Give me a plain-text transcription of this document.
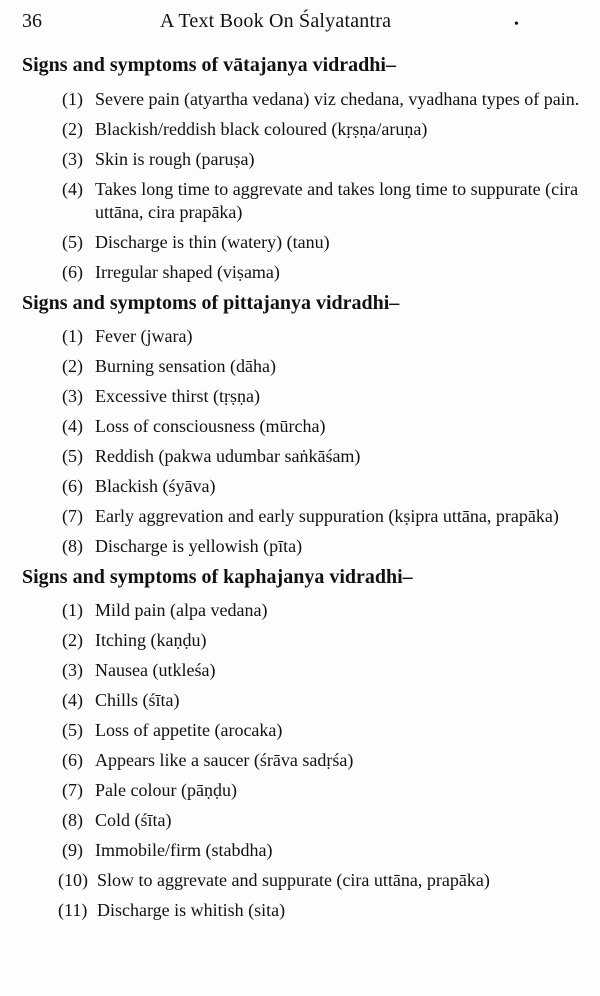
36	A Text Book On Śalyatantra	•
Signs and symptoms of vātajanya vidradhi–
(1) Severe pain (atyartha vedana) viz chedana, vyadhana types of pain.
(2) Blackish/reddish black coloured (kṛṣṇa/aruṇa)
(3) Skin is rough (paruṣa)
(4) Takes long time to aggrevate and takes long time to suppurate (cira uttāna, cira prapāka)
(5) Discharge is thin (watery) (tanu)
(6) Irregular shaped (viṣama)
Signs and symptoms of pittajanya vidradhi–
(1) Fever (jwara)
(2) Burning sensation (dāha)
(3) Excessive thirst (tṛṣṇa)
(4) Loss of consciousness (mūrcha)
(5) Reddish (pakwa udumbar saṅkāśam)
(6) Blackish (śyāva)
(7) Early aggrevation and early suppuration (kṣipra uttāna, prapāka)
(8) Discharge is yellowish (pīta)
Signs and symptoms of kaphajanya vidradhi–
(1) Mild pain (alpa vedana)
(2) Itching (kaṇḍu)
(3) Nausea (utkleśa)
(4) Chills (śīta)
(5) Loss of appetite (arocaka)
(6) Appears like a saucer (śrāva sadṛśa)
(7) Pale colour (pāṇḍu)
(8) Cold (śīta)
(9) Immobile/firm (stabdha)
(10) Slow to aggrevate and suppurate (cira uttāna, prapāka)
(11) Discharge is whitish (sita)
